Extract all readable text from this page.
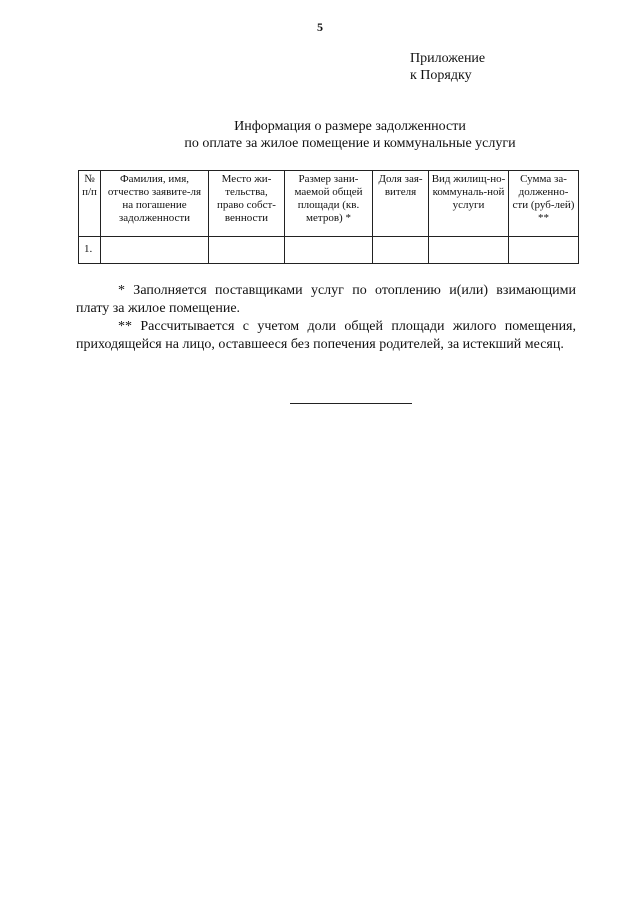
5
Приложение
к Порядку
Информация о размере задолженности
по оплате за жилое помещение и коммунальные услуги
№ п/п	Фамилия, имя, отчество заявите-ля на погашение задолженности	Место жи-тельства, право собст-венности	Размер зани-маемой общей площади (кв. метров) *	Доля зая-вителя	Вид жилищ-но-коммуналь-ной услуги	Сумма за-долженно-сти (руб-лей) **
1.						

* Заполняется поставщиками услуг по отоплению и(или) взимающими плату за жилое помещение.

** Рассчитывается с учетом доли общей площади жилого помещения, приходящейся на лицо, оставшееся без попечения родителей, за истекший месяц.
